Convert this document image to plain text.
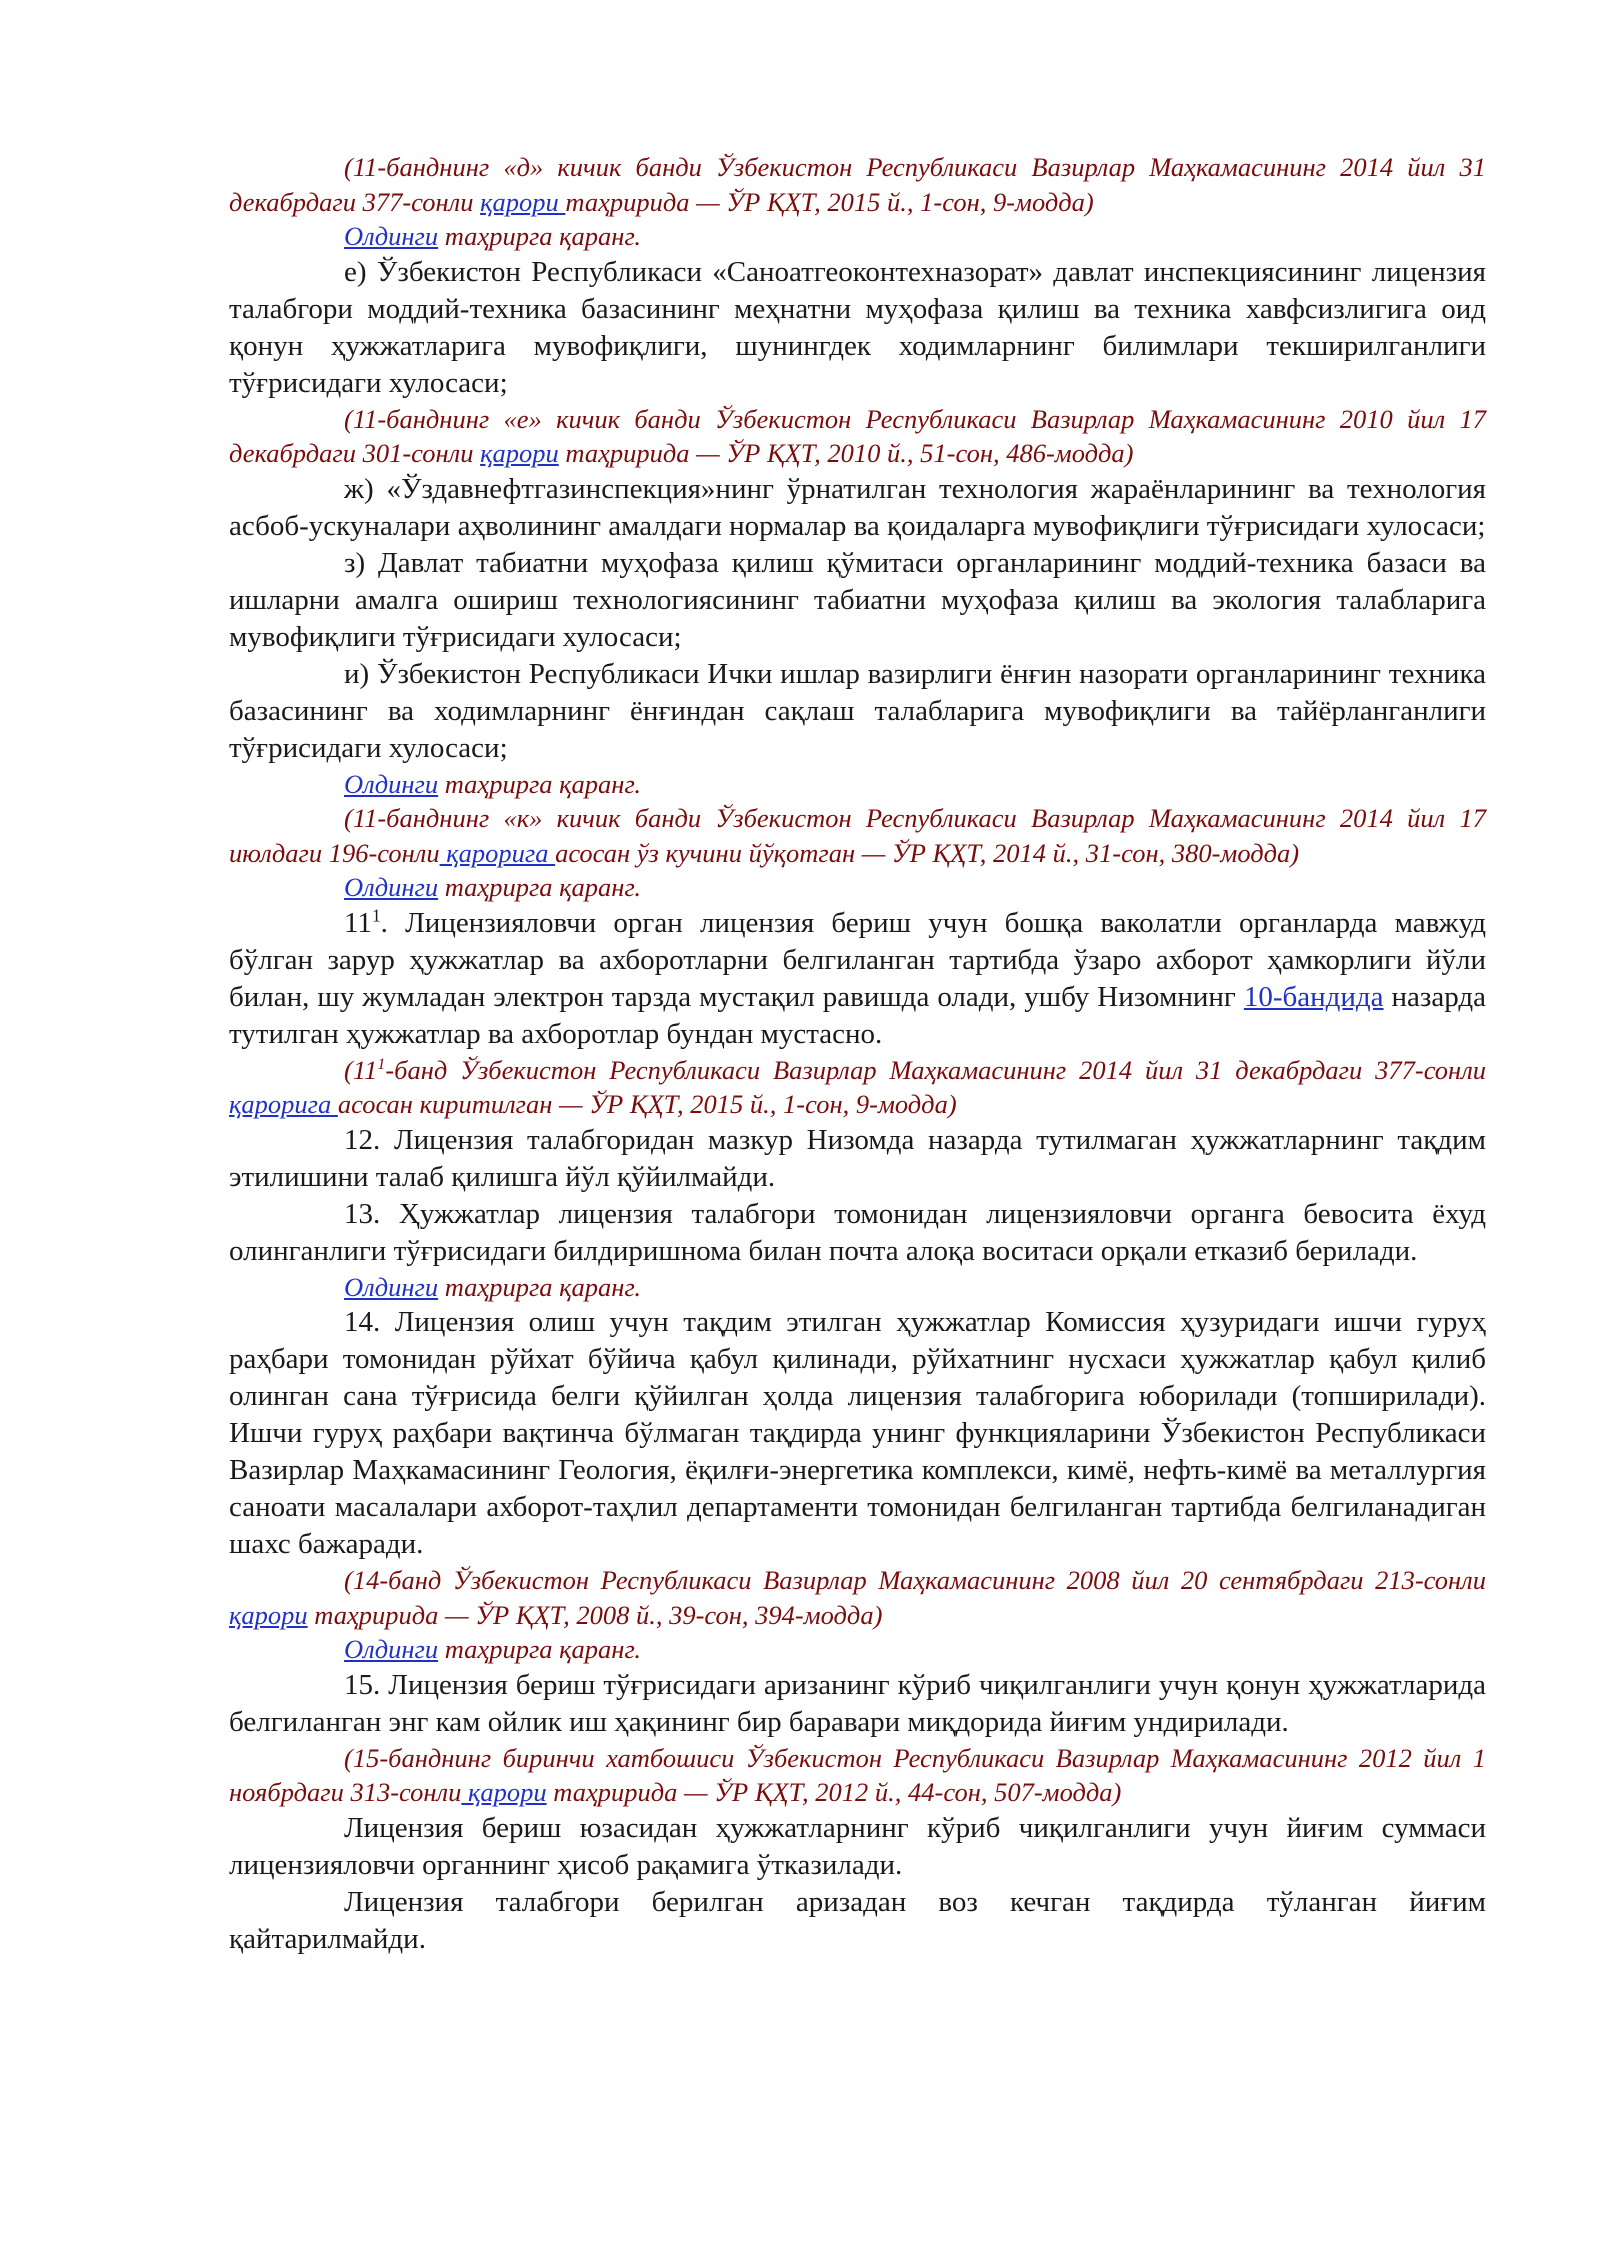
(11-банднинг «д» кичик банди Ўзбекистон Республикаси Вазирлар Маҳкамасининг 2014 йил 31 декабрдаги 377-сонли қарори таҳририда — ЎР ҚҲТ, 2015 й., 1-сон, 9-модда)

Олдинги таҳрирга қаранг.

е) Ўзбекистон Республикаси «Саноатгеоконтехназорат» давлат инспекциясининг лицензия талабгори моддий-техника базасининг меҳнатни муҳофаза қилиш ва техника хавфсизлигига оид қонун ҳужжатларига мувофиқлиги, шунингдек ходимларнинг билимлари текширилганлиги тўғрисидаги хулосаси;

(11-банднинг «е» кичик банди Ўзбекистон Республикаси Вазирлар Маҳкамасининг 2010 йил 17 декабрдаги 301-сонли қарори таҳририда — ЎР ҚҲТ, 2010 й., 51-сон, 486-модда)

ж) «Ўздавнефтгазинспекция»нинг ўрнатилган технология жараёнларининг ва технология асбоб-ускуналари аҳволининг амалдаги нормалар ва қоидаларга мувофиқлиги тўғрисидаги хулосаси;

з) Давлат табиатни муҳофаза қилиш қўмитаси органларининг моддий-техника базаси ва ишларни амалга ошириш технологиясининг табиатни муҳофаза қилиш ва экология талабларига мувофиқлиги тўғрисидаги хулосаси;

и) Ўзбекистон Республикаси Ички ишлар вазирлиги ёнғин назорати органларининг техника базасининг ва ходимларнинг ёнғиндан сақлаш талабларига мувофиқлиги ва тайёрланганлиги тўғрисидаги хулосаси;

Олдинги таҳрирга қаранг.

(11-банднинг «к» кичик банди Ўзбекистон Республикаси Вазирлар Маҳкамасининг 2014 йил 17 июлдаги 196-сонли қарорига асосан ўз кучини йўқотган — ЎР ҚҲТ, 2014 й., 31-сон, 380-модда)

Олдинги таҳрирга қаранг.

$11^1$. Лицензияловчи орган лицензия бериш учун бошқа ваколатли органларда мавжуд бўлган зарур ҳужжатлар ва ахборотларни белгиланган тартибда ўзаро ахборот ҳамкорлиги йўли билан, шу жумладан электрон тарзда мустақил равишда олади, ушбу Низомнинг 10-бандида назарда тутилган ҳужжатлар ва ахборотлар бундан мустасно.

($11^1$-банд Ўзбекистон Республикаси Вазирлар Маҳкамасининг 2014 йил 31 декабрдаги 377-сонли қарорига асосан киритилган — ЎР ҚҲТ, 2015 й., 1-сон, 9-модда)

12. Лицензия талабгоридан мазкур Низомда назарда тутилмаган ҳужжатларнинг тақдим этилишини талаб қилишга йўл қўйилмайди.

13. Ҳужжатлар лицензия талабгори томонидан лицензияловчи органга бевосита ёхуд олинганлиги тўғрисидаги билдиришнома билан почта алоқа воситаси орқали етказиб берилади.

Олдинги таҳрирга қаранг.

14. Лицензия олиш учун тақдим этилган ҳужжатлар Комиссия ҳузуридаги ишчи гуруҳ раҳбари томонидан рўйхат бўйича қабул қилинади, рўйхатнинг нусхаси ҳужжатлар қабул қилиб олинган сана тўғрисида белги қўйилган ҳолда лицензия талабгорига юборилади (топширилади). Ишчи гуруҳ раҳбари вақтинча бўлмаган тақдирда унинг функцияларини Ўзбекистон Республикаси Вазирлар Маҳкамасининг Геология, ёқилғи-энергетика комплекси, кимё, нефть-кимё ва металлургия саноати масалалари ахборот-таҳлил департаменти томонидан белгиланган тартибда белгиланадиган шахс бажаради.

(14-банд Ўзбекистон Республикаси Вазирлар Маҳкамасининг 2008 йил 20 сентябрдаги 213-сонли қарори таҳририда — ЎР ҚҲТ, 2008 й., 39-сон, 394-модда)

Олдинги таҳрирга қаранг.

15. Лицензия бериш тўғрисидаги аризанинг кўриб чиқилганлиги учун қонун ҳужжатларида белгиланган энг кам ойлик иш ҳақининг бир баравари миқдорида йиғим ундирилади.

(15-банднинг биринчи хатбошиси Ўзбекистон Республикаси Вазирлар Маҳкамасининг 2012 йил 1 ноябрдаги 313-сонли қарори таҳририда — ЎР ҚҲТ, 2012 й., 44-сон, 507-модда)

Лицензия бериш юзасидан ҳужжатларнинг кўриб чиқилганлиги учун йиғим суммаси лицензияловчи органнинг ҳисоб рақамига ўтказилади.

Лицензия талабгори берилган аризадан воз кечган тақдирда тўланган йиғим қайтарилмайди.
